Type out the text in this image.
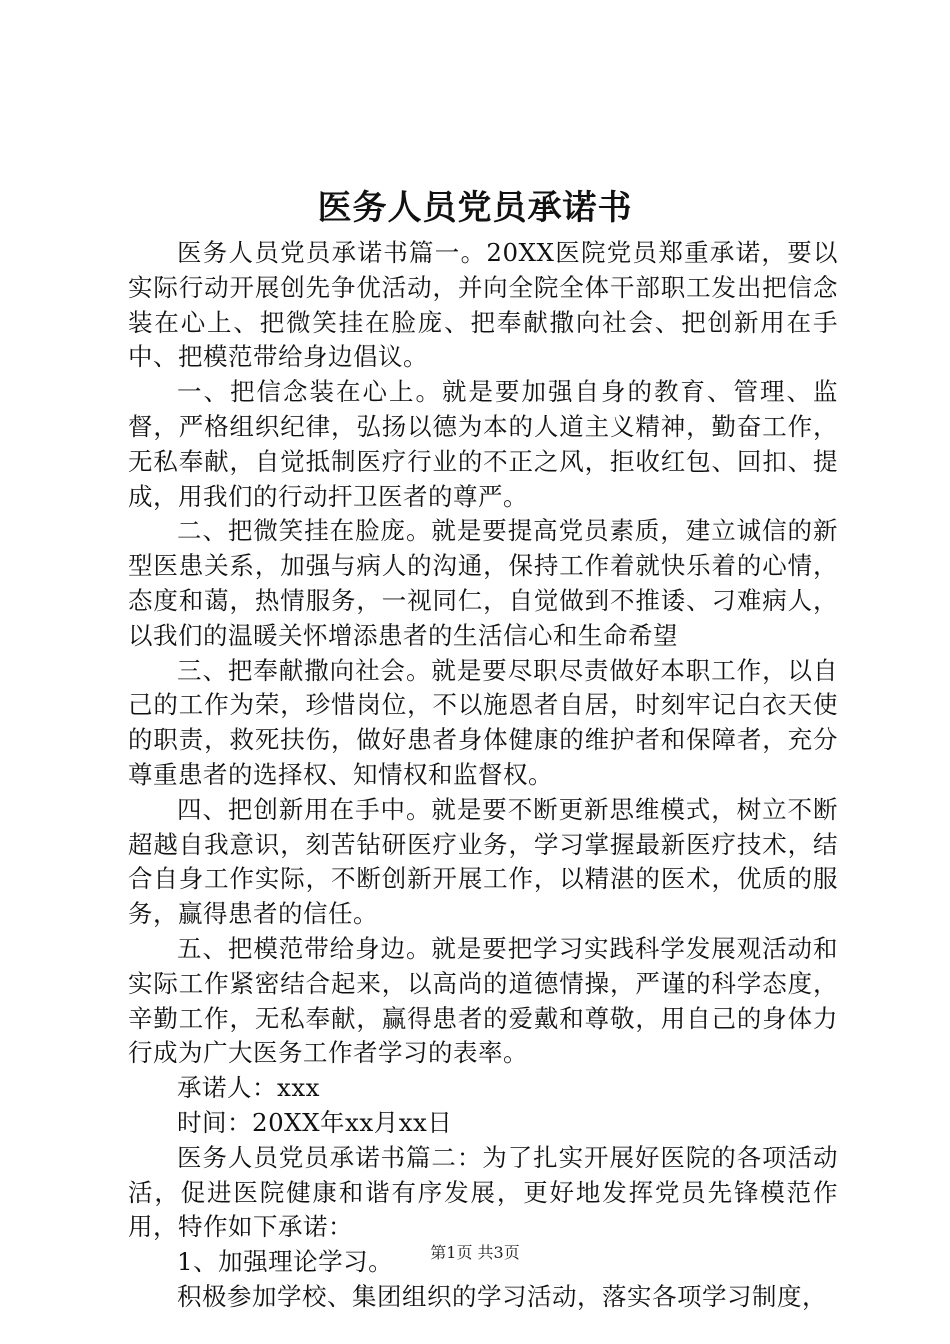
医务人员党员承诺书

医务人员党员承诺书篇一。20XX医院党员郑重承诺，要以实际行动开展创先争优活动，并向全院全体干部职工发出把信念装在心上、把微笑挂在脸庞、把奉献撒向社会、把创新用在手中、把模范带给身边倡议。

一、把信念装在心上。就是要加强自身的教育、管理、监督，严格组织纪律，弘扬以德为本的人道主义精神，勤奋工作，无私奉献，自觉抵制医疗行业的不正之风，拒收红包、回扣、提成，用我们的行动扞卫医者的尊严。

二、把微笑挂在脸庞。就是要提高党员素质，建立诚信的新型医患关系，加强与病人的沟通，保持工作着就快乐着的心情，态度和蔼，热情服务，一视同仁，自觉做到不推诿、刁难病人，以我们的温暖关怀增添患者的生活信心和生命希望

三、把奉献撒向社会。就是要尽职尽责做好本职工作，以自己的工作为荣，珍惜岗位，不以施恩者自居，时刻牢记白衣天使的职责，救死扶伤，做好患者身体健康的维护者和保障者，充分尊重患者的选择权、知情权和监督权。

四、把创新用在手中。就是要不断更新思维模式，树立不断超越自我意识，刻苦钻研医疗业务，学习掌握最新医疗技术，结合自身工作实际，不断创新开展工作，以精湛的医术，优质的服务，赢得患者的信任。

五、把模范带给身边。就是要把学习实践科学发展观活动和实际工作紧密结合起来，以高尚的道德情操，严谨的科学态度，辛勤工作，无私奉献，赢得患者的爱戴和尊敬，用自己的身体力行成为广大医务工作者学习的表率。

承诺人：xxx

时间：20XX年xx月xx日

医务人员党员承诺书篇二：为了扎实开展好医院的各项活动活，促进医院健康和谐有序发展，更好地发挥党员先锋模范作用，特作如下承诺：

1、加强理论学习。

积极参加学校、集团组织的学习活动，落实各项学习制度，

第1页 共3页
